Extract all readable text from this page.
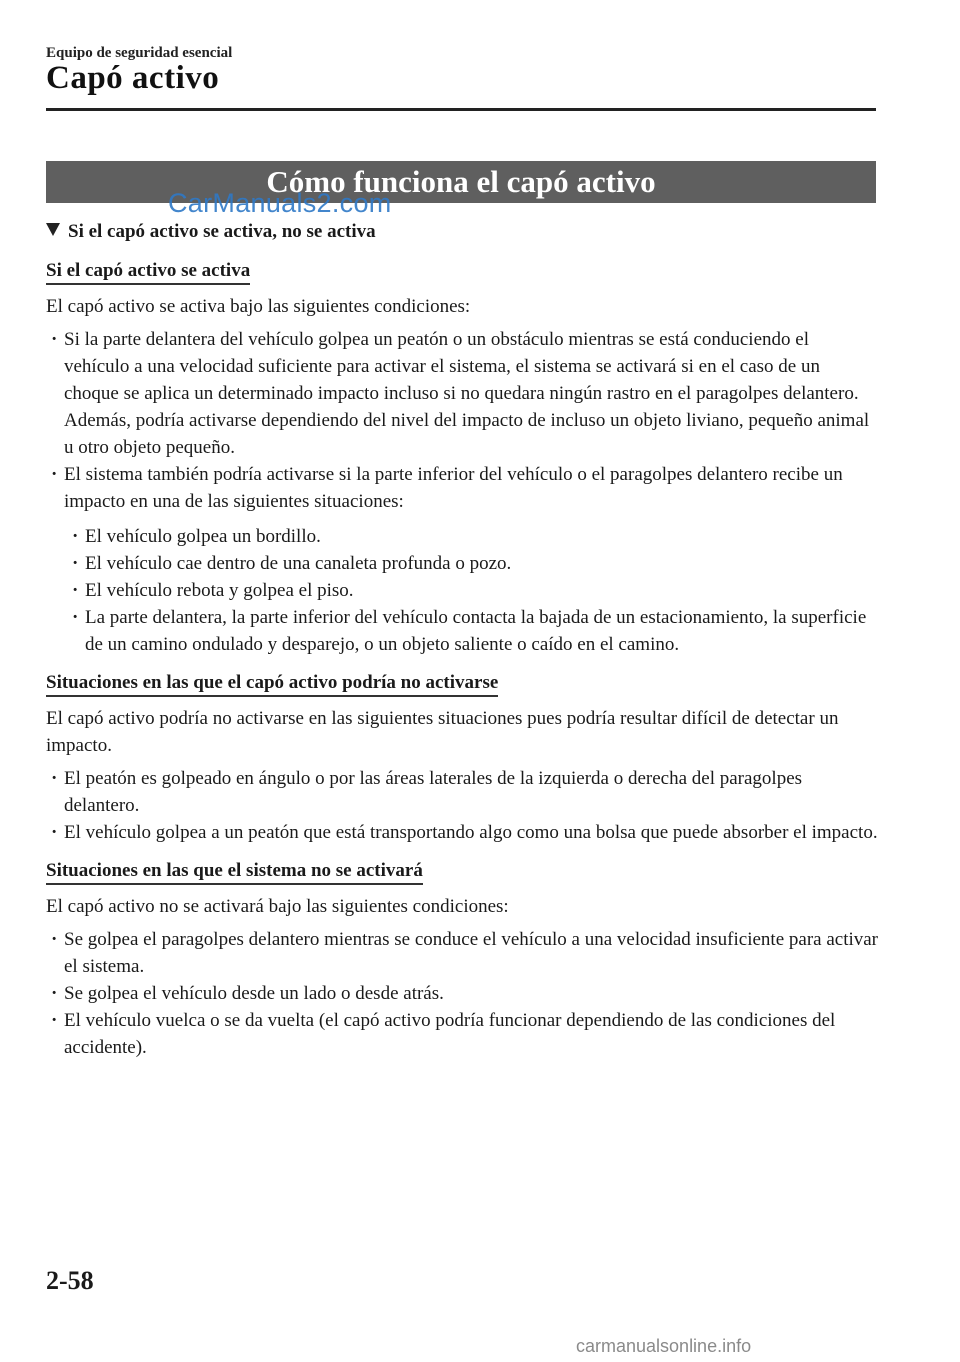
Equipo de seguridad esencial
Capó activo
Cómo funciona el capó activo
CarManuals2.com
Si el capó activo se activa, no se activa
Si el capó activo se activa

El capó activo se activa bajo las siguientes condiciones:

· Si la parte delantera del vehículo golpea un peatón o un obstáculo mientras se está conduciendo el vehículo a una velocidad suficiente para activar el sistema, el sistema se activará si en el caso de un choque se aplica un determinado impacto incluso si no quedara ningún rastro en el paragolpes delantero. Además, podría activarse dependiendo del nivel del impacto de incluso un objeto liviano, pequeño animal u otro objeto pequeño.
· El sistema también podría activarse si la parte inferior del vehículo o el paragolpes delantero recibe un impacto en una de las siguientes situaciones:
· El vehículo golpea un bordillo.
· El vehículo cae dentro de una canaleta profunda o pozo.
· El vehículo rebota y golpea el piso.
· La parte delantera, la parte inferior del vehículo contacta la bajada de un estacionamiento, la superficie de un camino ondulado y desparejo, o un objeto saliente o caído en el camino.
Situaciones en las que el capó activo podría no activarse

El capó activo podría no activarse en las siguientes situaciones pues podría resultar difícil de detectar un impacto.

· El peatón es golpeado en ángulo o por las áreas laterales de la izquierda o derecha del paragolpes delantero.
· El vehículo golpea a un peatón que está transportando algo como una bolsa que puede absorber el impacto.
Situaciones en las que el sistema no se activará

El capó activo no se activará bajo las siguientes condiciones:

· Se golpea el paragolpes delantero mientras se conduce el vehículo a una velocidad insuficiente para activar el sistema.
· Se golpea el vehículo desde un lado o desde atrás.
· El vehículo vuelca o se da vuelta (el capó activo podría funcionar dependiendo de las condiciones del accidente).
2-58
carmanualsonline.info
